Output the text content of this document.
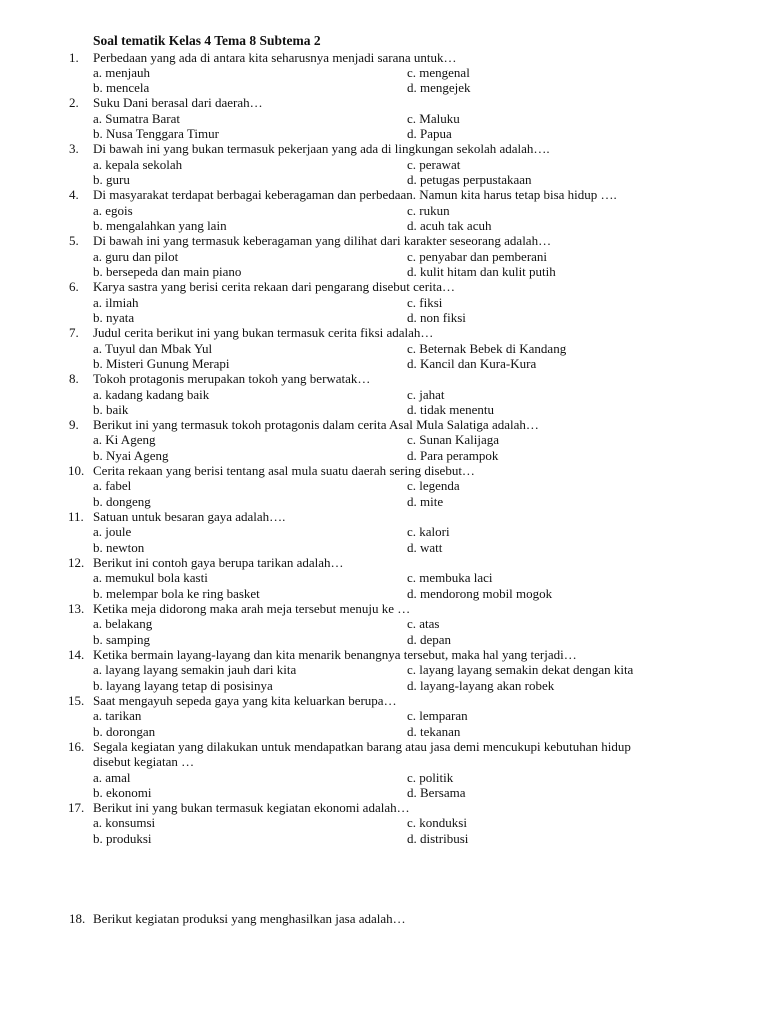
Soal tematik Kelas 4 Tema 8 Subtema 2
1. Perbedaan yang ada di antara kita seharusnya menjadi sarana untuk…
a. menjauh	c. mengenal
b. mencela	d. mengejek
2. Suku Dani berasal dari daerah…
a. Sumatra Barat	c. Maluku
b. Nusa Tenggara Timur	d. Papua
3. Di bawah ini yang bukan termasuk pekerjaan yang ada di lingkungan sekolah adalah….
a. kepala sekolah	c. perawat
b. guru	d. petugas perpustakaan
4. Di masyarakat terdapat berbagai keberagaman dan perbedaan. Namun kita harus tetap bisa hidup ….
a. egois	c. rukun
b. mengalahkan yang lain	d. acuh tak acuh
5. Di bawah ini yang termasuk keberagaman yang dilihat dari karakter seseorang adalah…
a. guru dan pilot	c. penyabar dan pemberani
b. bersepeda dan main piano	d. kulit hitam dan kulit putih
6. Karya sastra yang berisi cerita rekaan dari pengarang disebut cerita…
a. ilmiah	c. fiksi
b. nyata	d. non fiksi
7. Judul cerita berikut ini yang bukan termasuk cerita fiksi adalah…
a. Tuyul dan Mbak Yul	c. Beternak Bebek di Kandang
b. Misteri Gunung Merapi	d. Kancil dan Kura-Kura
8. Tokoh protagonis merupakan tokoh yang berwatak…
a. kadang kadang baik	c. jahat
b. baik	d. tidak menentu
9. Berikut ini yang termasuk tokoh protagonis dalam cerita Asal Mula Salatiga adalah…
a. Ki Ageng	c. Sunan Kalijaga
b. Nyai Ageng	d. Para perampok
10. Cerita rekaan yang berisi tentang asal mula suatu daerah sering disebut…
a. fabel	c. legenda
b. dongeng	d. mite
11. Satuan untuk besaran gaya adalah….
a. joule	c. kalori
b. newton	d. watt
12. Berikut ini contoh gaya berupa tarikan adalah…
a. memukul bola kasti	c. membuka laci
b. melempar bola ke ring basket	d. mendorong mobil mogok
13. Ketika meja didorong maka arah meja tersebut menuju ke …
a. belakang	c. atas
b. samping	d. depan
14. Ketika bermain layang-layang dan kita menarik benangnya tersebut, maka hal yang terjadi…
a. layang layang semakin jauh dari kita	c. layang layang semakin dekat dengan kita
b. layang layang tetap di posisinya	d. layang-layang akan robek
15. Saat mengayuh sepeda gaya yang kita keluarkan berupa…
a. tarikan	c. lemparan
b. dorongan	d. tekanan
16. Segala kegiatan yang dilakukan untuk mendapatkan barang atau jasa demi mencukupi kebutuhan hidup disebut kegiatan …
a. amal	c. politik
b. ekonomi	d. Bersama
17. Berikut ini yang bukan termasuk kegiatan ekonomi adalah…
a. konsumsi	c. konduksi
b. produksi	d. distribusi
18. Berikut kegiatan produksi yang menghasilkan jasa adalah…
